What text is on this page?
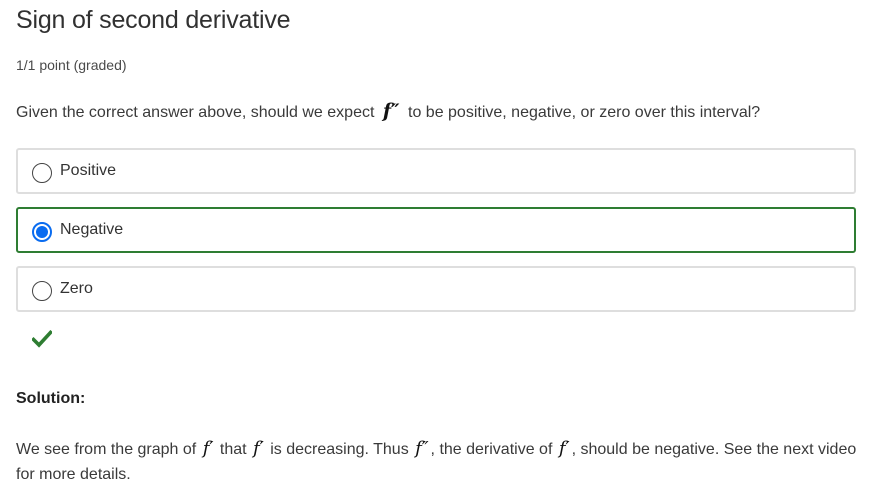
Sign of second derivative
1/1 point (graded)
Given the correct answer above, should we expect f″ to be positive, negative, or zero over this interval?
Positive
Negative
Zero
Solution:
We see from the graph of f′ that f′ is decreasing. Thus f″ , the derivative of f′ , should be negative. See the next video for more details.
